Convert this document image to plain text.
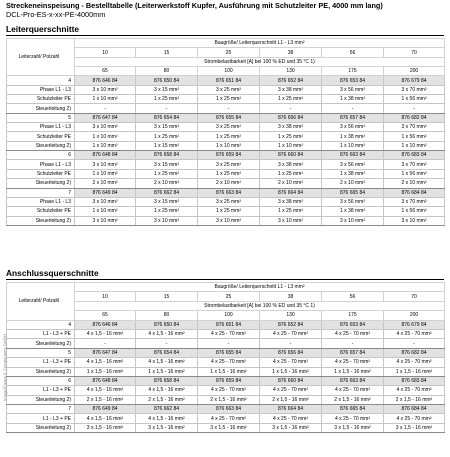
Streckeneinspeisung - Bestelltabelle (Leiterwerkstoff Kupfer, Ausführung mit Schutzleiter PE, 4000 mm lang)
DCL-Pro-ES-x-xx-PE-4000mm
Leiterquerschnitte
Leiterzahl/ Polzahl	Baugröße/ Leiterquerschnitt L1 - L3 mm²					
	10	15	25	38	56	70
	Strombelastbarkeit [A] bei 100 % ED und 35 °C 1)					
	65	80	100	130	175	200
4	876 646 84	876 650 84	876 651 84	876 652 84	876 653 84	876 679 84
Phase L1 - L3	3 x 10 mm²	3 x 15 mm²	3 x 25 mm²	3 x 38 mm²	3 x 56 mm²	3 x 70 mm²
Schutzleiter PE	1 x 10 mm²	1 x 25 mm²	1 x 25 mm²	1 x 25 mm²	1 x 38 mm²	1 x 56 mm²
Steuerleitung 2)	-	-	-	-	-	-
5	876 647 84	876 654 84	876 655 84	876 656 84	876 657 84	876 682 84
Phase L1 - L3	3 x 10 mm²	3 x 15 mm²	3 x 25 mm²	3 x 38 mm²	3 x 56 mm²	3 x 70 mm²
Schutzleiter PE	1 x 10 mm²	1 x 25 mm²	1 x 25 mm²	1 x 25 mm²	1 x 38 mm²	1 x 56 mm²
Steuerleitung 2)	1 x 10 mm²	1 x 15 mm²	1 x 10 mm²	1 x 10 mm²	1 x 10 mm²	1 x 10 mm²
6	876 648 84	876 658 84	876 659 84	876 660 84	876 663 84	876 683 84
Phase L1 - L3	3 x 10 mm²	3 x 15 mm²	3 x 25 mm²	3 x 38 mm²	3 x 56 mm²	3 x 70 mm²
Schutzleiter PE	1 x 10 mm²	1 x 25 mm²	1 x 25 mm²	1 x 25 mm²	1 x 38 mm²	1 x 56 mm²
Steuerleitung 2)	2 x 10 mm²	2 x 10 mm²	2 x 10 mm²	2 x 10 mm²	2 x 10 mm²	2 x 10 mm²
7	876 649 84	876 662 84	876 663 84	876 664 84	876 665 84	876 684 84
Phase L1 - L3	3 x 10 mm²	3 x 15 mm²	3 x 25 mm²	3 x 38 mm²	3 x 56 mm²	3 x 70 mm²
Schutzleiter PE	1 x 10 mm²	1 x 25 mm²	1 x 25 mm²	1 x 25 mm²	1 x 38 mm²	1 x 56 mm²
Steuerleitung 2)	3 x 10 mm²	3 x 10 mm²	3 x 10 mm²	3 x 10 mm²	3 x 10 mm²	3 x 10 mm²
Anschlussquerschnitte
Leiterzahl/ Polzahl	Baugröße/ Leiterquerschnitt L1 - L3 mm²					
	10	15	25	38	56	70
	Strombelastbarkeit [A] bei 100 % ED und 35 °C 1)					
	65	80	100	130	175	200
4	876 646 84	876 650 84	876 651 84	876 652 84	876 653 84	876 679 84
L1 - L3 + PE	4 x 1,5 - 16 mm²	4 x 1,5 - 16 mm²	4 x 25 - 70 mm²	4 x 25 - 70 mm²	4 x 25 - 70 mm²	4 x 25 - 70 mm²
Steuerleitung 2)	-	-	-	-	-	-
5	876 647 84	876 654 84	876 655 84	876 656 84	876 657 84	876 682 84
L1 - L3 + PE	4 x 1,5 - 16 mm²	4 x 1,5 - 16 mm²	4 x 25 - 70 mm²	4 x 25 - 70 mm²	4 x 25 - 70 mm²	4 x 25 - 70 mm²
Steuerleitung 2)	1 x 1,5 - 16 mm²	1 x 1,5 - 16 mm²	1 x 1,5 - 16 mm²	1 x 1,5 - 16 mm²	1 x 1,5 - 16 mm²	1 x 1,5 - 16 mm²
6	876 648 84	876 658 84	876 659 84	876 660 84	876 663 84	876 683 84
L1 - L3 + PE	4 x 1,5 - 16 mm²	4 x 1,5 - 16 mm²	4 x 25 - 70 mm²	4 x 25 - 70 mm²	4 x 25 - 70 mm²	4 x 25 - 70 mm²
Steuerleitung 2)	2 x 1,5 - 16 mm²	2 x 1,5 - 16 mm²	2 x 1,5 - 16 mm²	2 x 1,5 - 16 mm²	2 x 1,5 - 16 mm²	2 x 1,5 - 16 mm²
7	876 649 84	876 662 84	876 663 84	876 664 84	876 665 84	876 684 84
L1 - L3 + PE	4 x 1,5 - 16 mm²	4 x 1,5 - 16 mm²	4 x 25 - 70 mm²	4 x 25 - 70 mm²	4 x 25 - 70 mm²	4 x 25 - 70 mm²
Steuerleitung 2)	3 x 1,5 - 16 mm²	3 x 1,5 - 16 mm²	3 x 1,5 - 16 mm²	3 x 1,5 - 16 mm²	3 x 1,5 - 16 mm²	3 x 1,5 - 16 mm²
Image/Cases & Components GmbH
